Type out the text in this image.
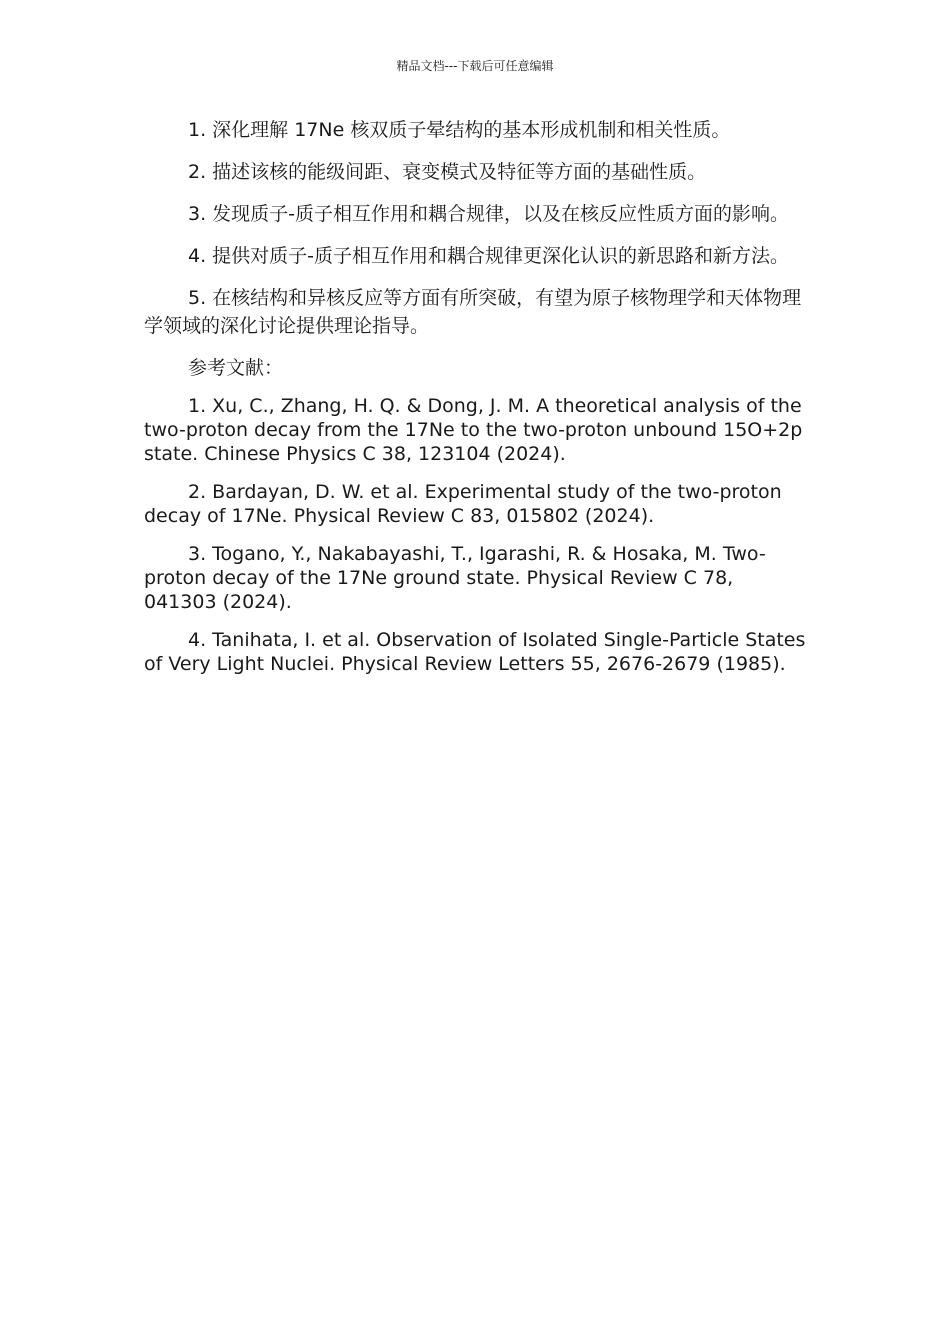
精品文档---下载后可任意编辑

1. 深化理解 17Ne 核双质子晕结构的基本形成机制和相关性质。

2. 描述该核的能级间距、衰变模式及特征等方面的基础性质。

3. 发现质子-质子相互作用和耦合规律，以及在核反应性质方面的影响。

4. 提供对质子-质子相互作用和耦合规律更深化认识的新思路和新方法。

5. 在核结构和异核反应等方面有所突破，有望为原子核物理学和天体物理学领域的深化讨论提供理论指导。

参考文献：

1. Xu, C., Zhang, H. Q. & Dong, J. M. A theoretical analysis of the two-proton decay from the 17Ne to the two-proton unbound 15O+2p state. Chinese Physics C 38, 123104 (2024).

2. Bardayan, D. W. et al. Experimental study of the two-proton decay of 17Ne. Physical Review C 83, 015802 (2024).

3. Togano, Y., Nakabayashi, T., Igarashi, R. & Hosaka, M. Two-proton decay of the 17Ne ground state. Physical Review C 78, 041303 (2024).

4. Tanihata, I. et al. Observation of Isolated Single-Particle States of Very Light Nuclei. Physical Review Letters 55, 2676-2679 (1985).
